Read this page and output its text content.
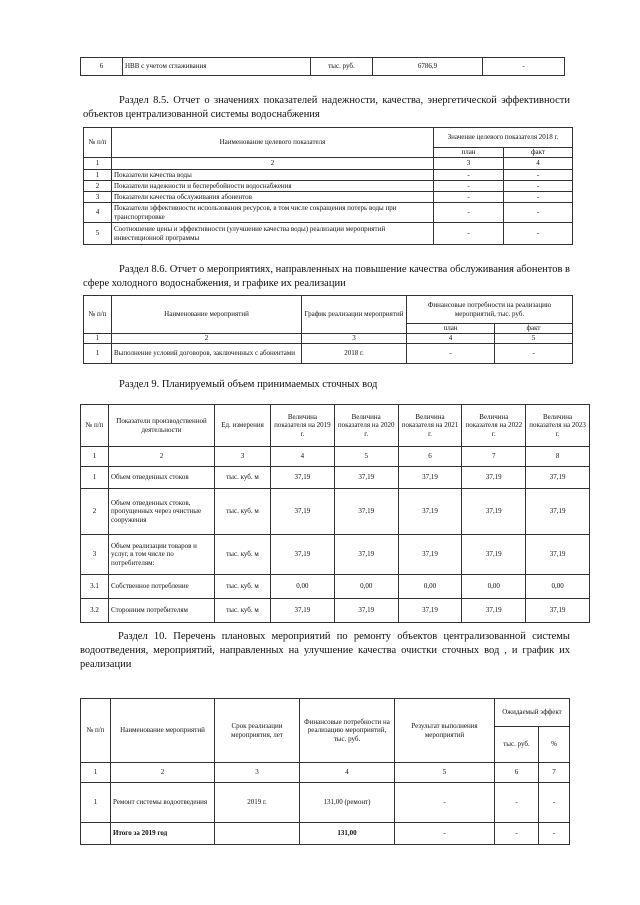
6	НВВ с учетом сглаживания	тыс. руб.	6786,9	-
Раздел 8.5. Отчет о значениях показателей надежности, качества, энергетической эффективности объектов централизованной системы водоснабжения
№ п/п	Наименование целевого показателя	Значение целевого показателя 2018 г.	
		план	факт
1	2	3	4
1	Показатели качества воды	-	-
2	Показатели надежности и бесперебойности водоснабжения	-	-
3	Показатели качества обслуживания абонентов	-	-
4	Показатели эффективности использования ресурсов, в том числе сокращения потерь воды при транспортировке	-	-
5	Соотношение цены и эффективности (улучшение качества воды) реализации мероприятий инвестиционной программы	-	-
Раздел 8.6. Отчет о мероприятиях, направленных на повышение качества обслуживания абонентов в сфере холодного водоснабжения, и графике их реализации
№ п/п	Наименование мероприятий	График реализации мероприятий	Финансовые потребности на реализацию мероприятий, тыс. руб.	
			план	факт
1	2	3	4	5
1	Выполнение условий договоров, заключенных с абонентами	2018 г.	-	-
Раздел 9. Планируемый объем принимаемых сточных вод
№ п/п	Показатели производственной деятельности	Ед. измерения	Величина показателя на 2019 г.	Величина показателя на 2020 г.	Величина показателя на 2021 г.	Величина показателя на 2022 г.	Величина показателя на 2023 г.
1	2	3	4	5	6	7	8
1	Объем отведенных стоков	тыс. куб. м	37,19	37,19	37,19	37,19	37,19
2	Объем отведенных стоков, пропущенных через очистные сооружения	тыс. куб. м	37,19	37,19	37,19	37,19	37,19
3	Объем реализации товаров и услуг, в том числе по потребителям:	тыс. куб. м	37,19	37,19	37,19	37,19	37,19
3.1	Собственное потребление	тыс. куб. м	0,00	0,00	0,00	0,00	0,00
3.2	Сторонним потребителям	тыс. куб. м	37,19	37,19	37,19	37,19	37,19
Раздел 10. Перечень плановых мероприятий по ремонту объектов централизованной системы водоотведения, мероприятий, направленных на улучшение качества очистки сточных вод , и график их реализации
№ п/п	Наименование мероприятий	Срок реализации мероприятия, лет	Финансовые потребности на реализацию мероприятий, тыс. руб.	Результат выполнения мероприятий	Ожидаемый эффект	
					тыс. руб.	%
1	2	3	4	5	6	7
1	Ремонт системы водоотведения	2019 г.	131,00 (ремонт)	-	-	-
	Итого за 2019 год		131,00	-	-	-
